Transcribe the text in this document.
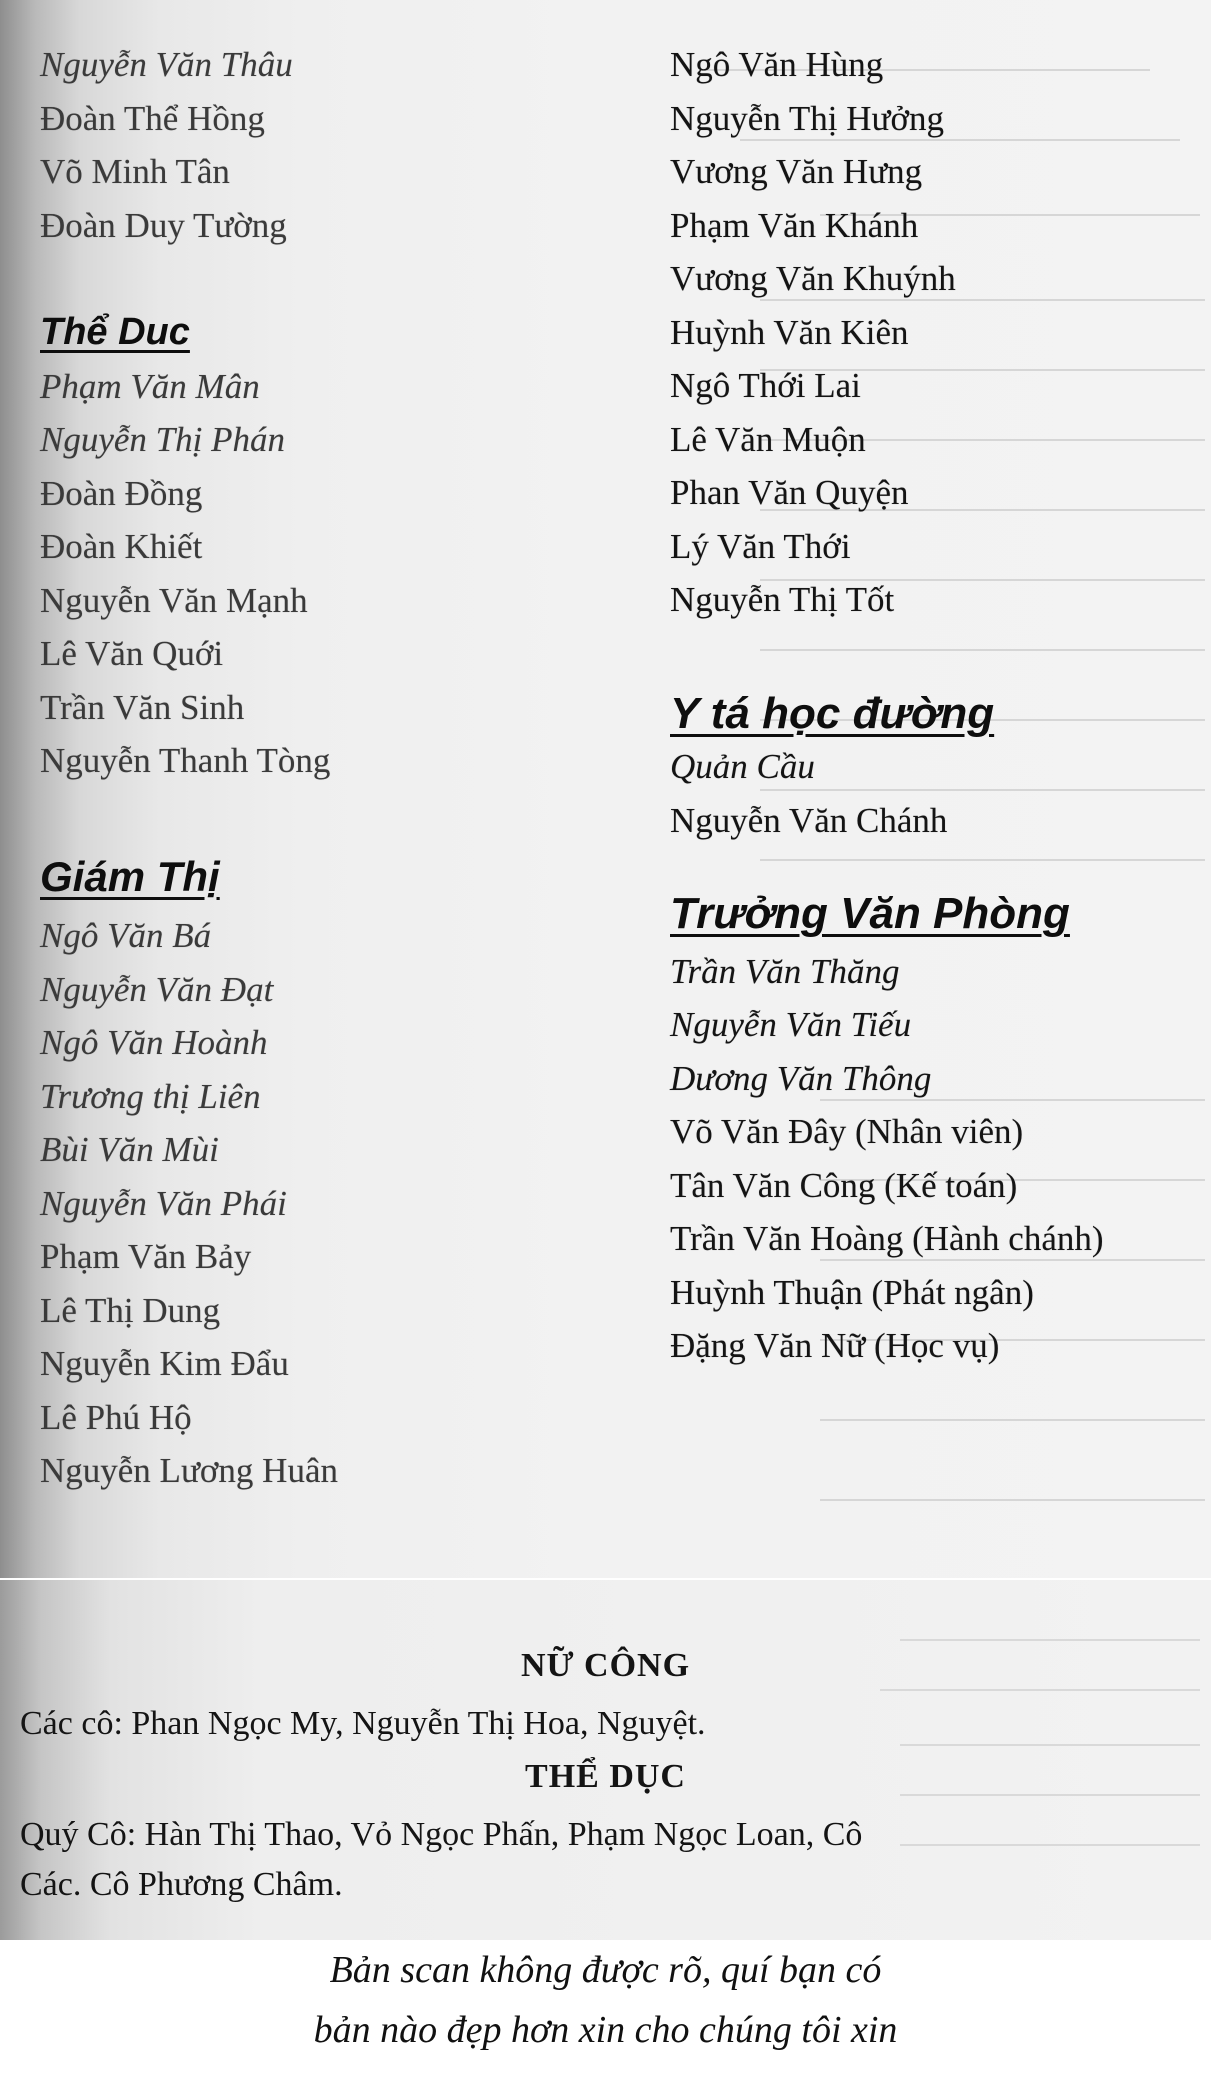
Nguyễn Văn Thâu
Đoàn Thể Hồng
Võ Minh Tân
Đoàn Duy Tường
Thể Duc
Phạm Văn Mân
Nguyễn Thị Phán
Đoàn Đồng
Đoàn Khiết
Nguyễn Văn Mạnh
Lê Văn Quới
Trần Văn Sinh
Nguyễn Thanh Tòng
Giám Thị
Ngô Văn Bá
Nguyễn Văn Đạt
Ngô Văn Hoành
Trương thị Liên
Bùi Văn Mùi
Nguyễn Văn Phái
Phạm Văn Bảy
Lê Thị Dung
Nguyễn Kim Đẩu
Lê Phú Hộ
Nguyễn Lương Huân
Ngô Văn Hùng
Nguyễn Thị Hưởng
Vương Văn Hưng
Phạm Văn Khánh
Vương Văn Khuýnh
Huỳnh Văn Kiên
Ngô Thới Lai
Lê Văn Muộn
Phan Văn Quyện
Lý Văn Thới
Nguyễn Thị Tốt
Y tá học đường
Quản Cầu
Nguyễn Văn Chánh
Trưởng Văn Phòng
Trần Văn Thăng
Nguyễn Văn Tiếu
Dương Văn Thông
Võ Văn Đây (Nhân viên)
Tân Văn Công (Kế toán)
Trần Văn Hoàng (Hành chánh)
Huỳnh Thuận (Phát ngân)
Đặng Văn Nữ (Học vụ)
NỮ CÔNG
Các cô: Phan Ngọc My, Nguyễn Thị Hoa, Nguyệt.
THỂ DỤC
Quý Cô: Hàn Thị Thao, Vỏ Ngọc Phấn, Phạm Ngọc Loan, Cô
Các. Cô Phương Châm.
Bản scan không được rõ, quí bạn có
bản nào đẹp hơn xin cho chúng tôi xin
